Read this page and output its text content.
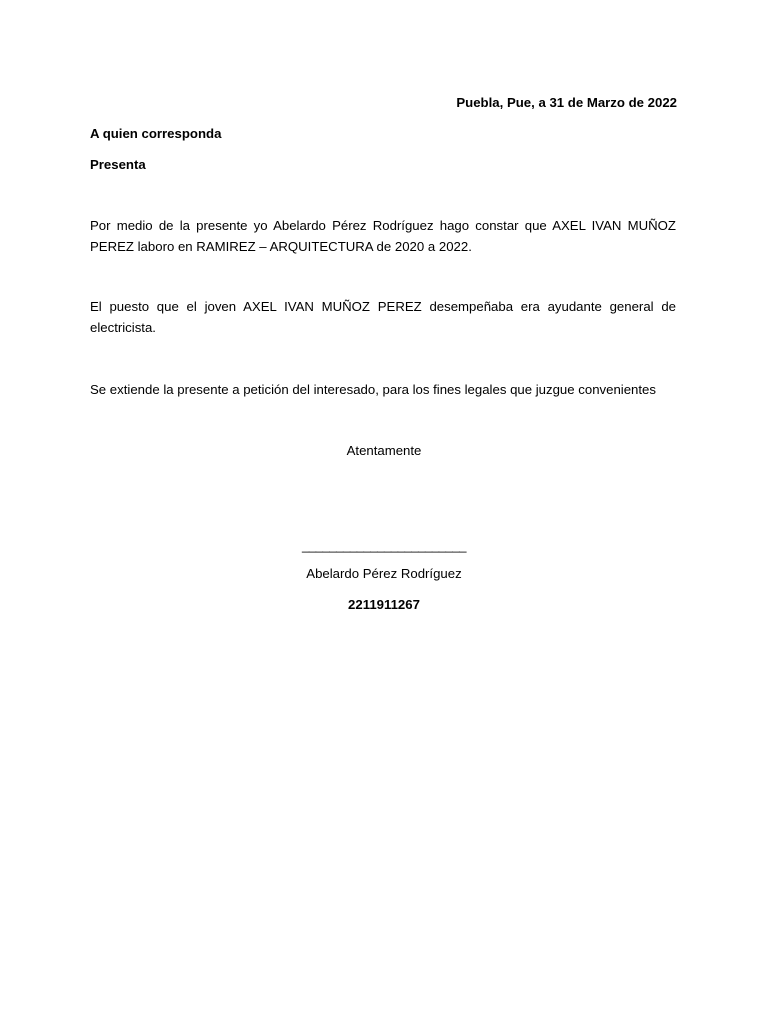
Puebla, Pue, a 31 de Marzo de 2022
A quien corresponda
Presenta
Por medio de la presente yo Abelardo Pérez Rodríguez hago constar que AXEL IVAN MUÑOZ PEREZ laboro en RAMIREZ – ARQUITECTURA de 2020 a 2022.
El puesto que el joven AXEL IVAN MUÑOZ PEREZ desempeñaba era ayudante general de electricista.
Se extiende la presente a petición del interesado, para los fines legales que juzgue convenientes
Atentamente
________________________
Abelardo Pérez Rodríguez
2211911267
